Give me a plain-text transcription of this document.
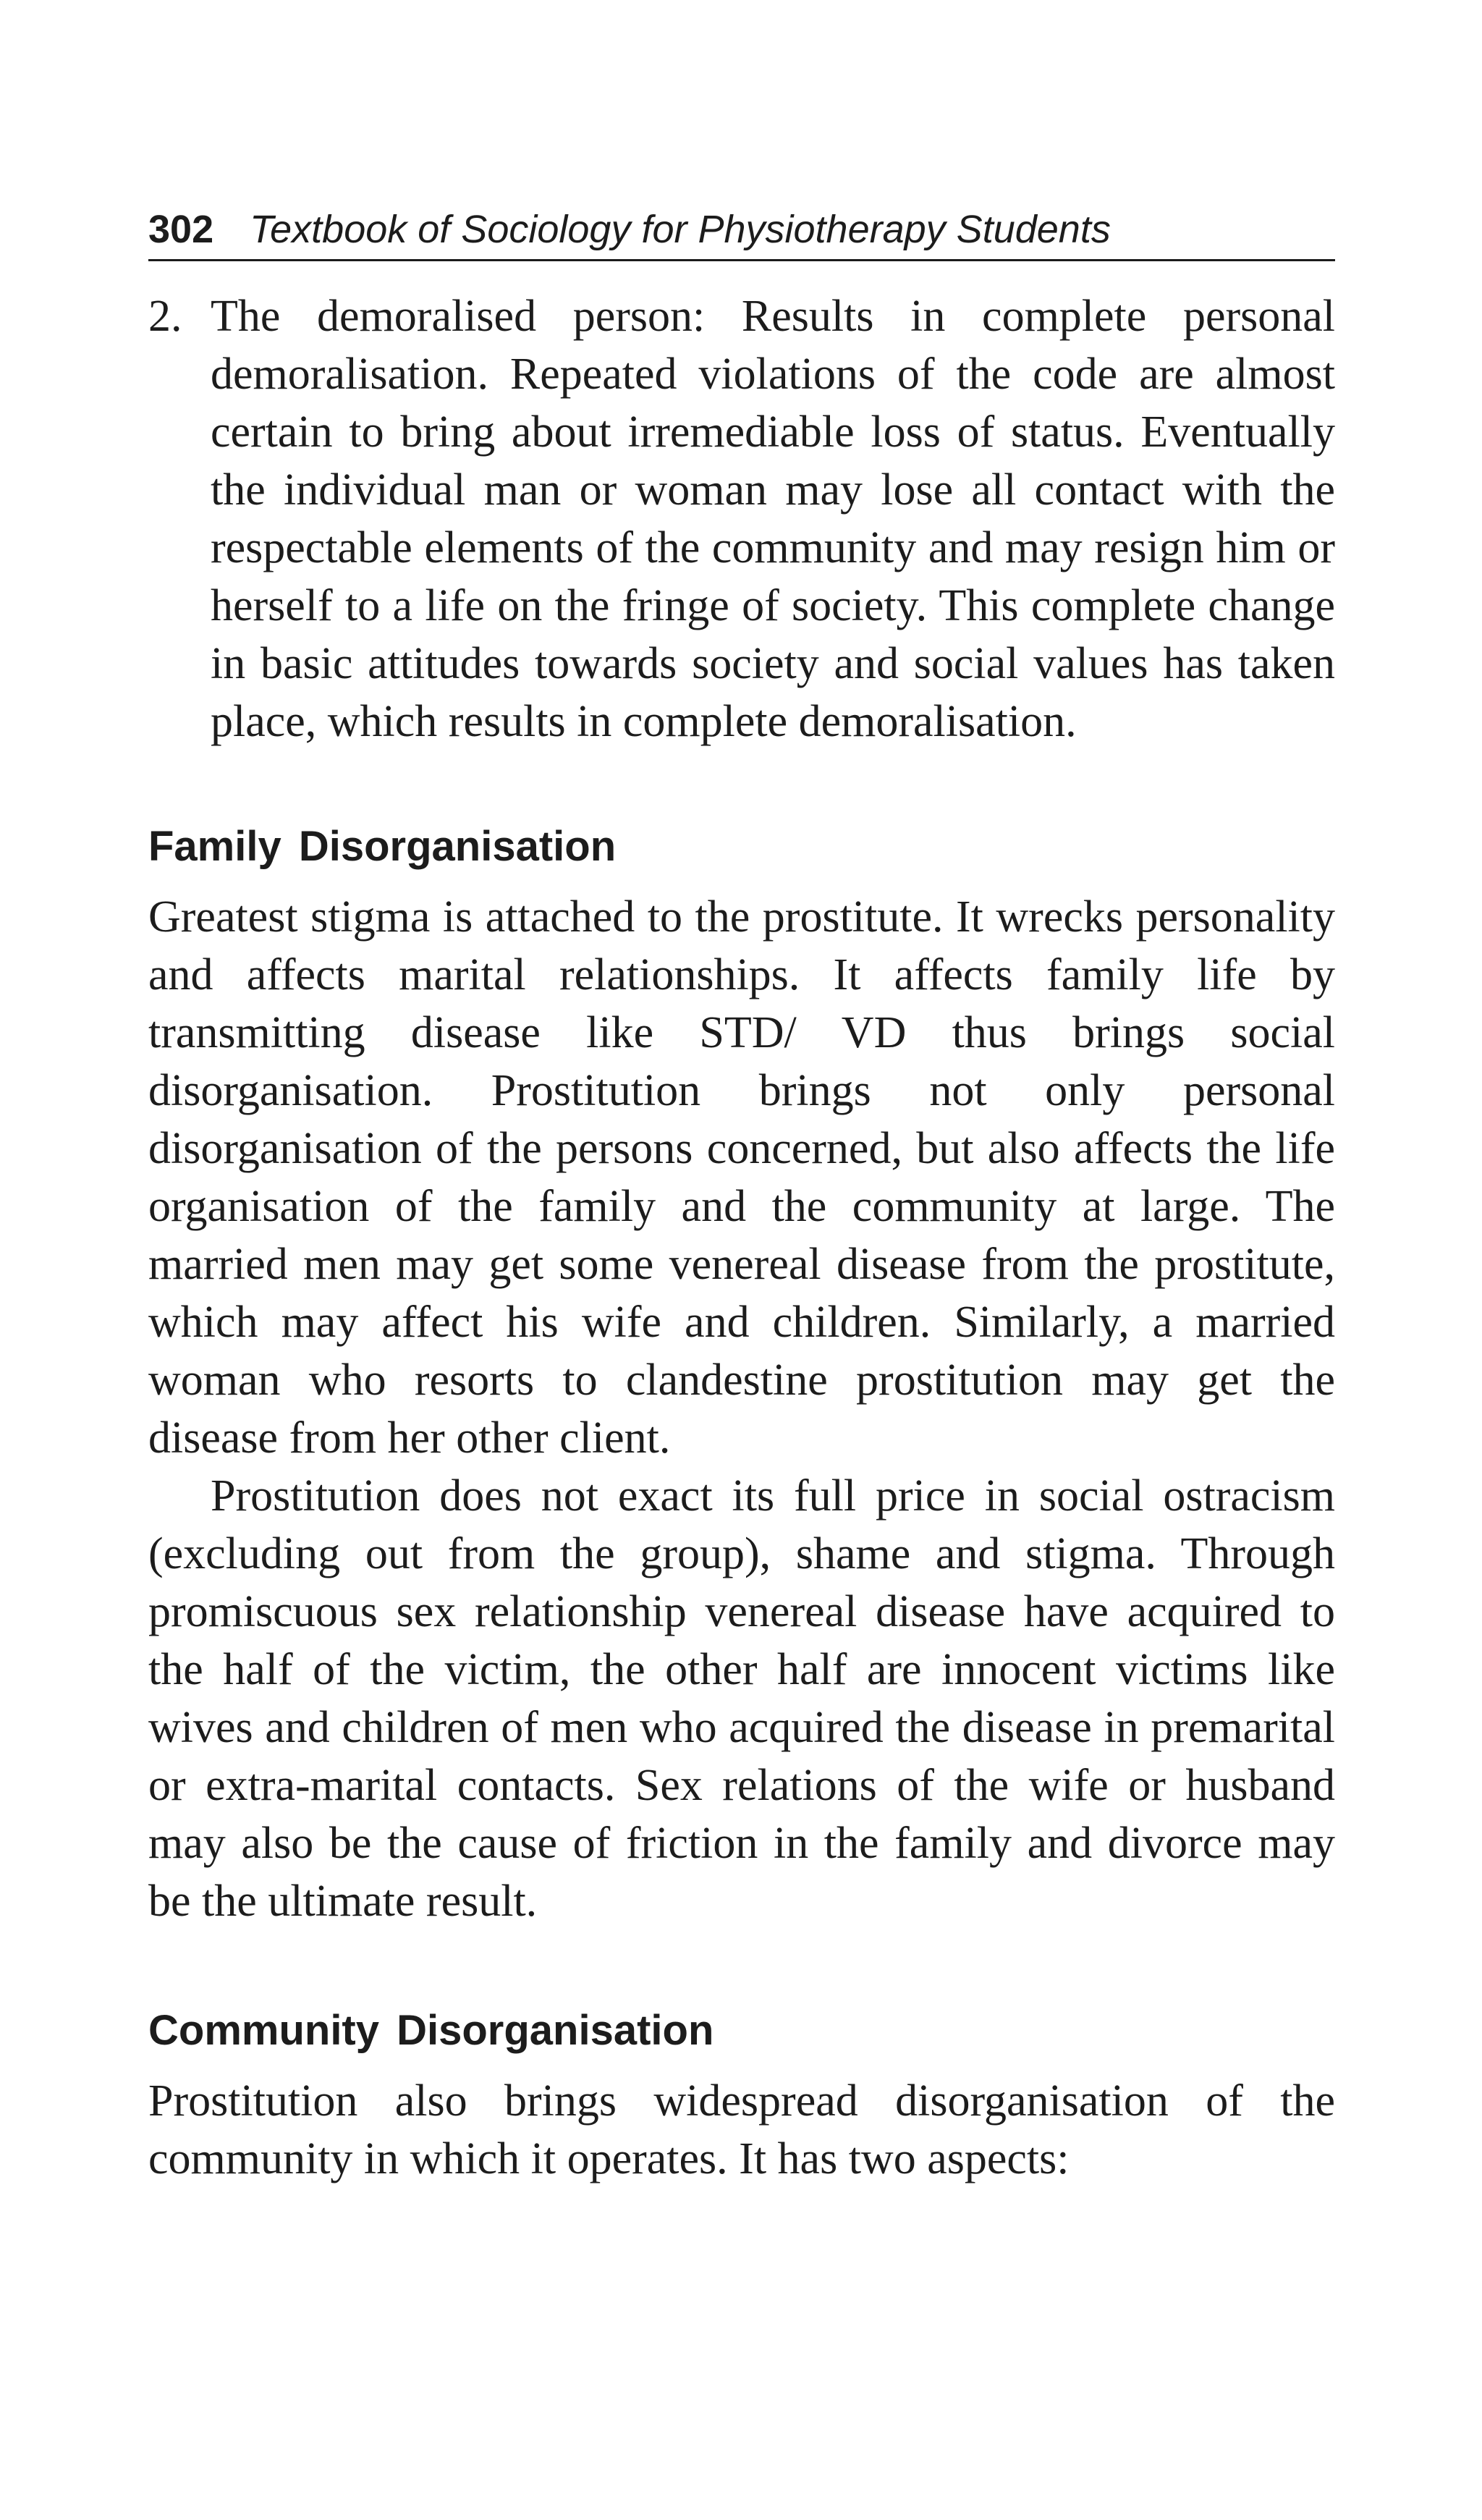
302 Textbook of Sociology for Physiotherapy Students
2. The demoralised person: Results in complete personal demoralisation. Repeated violations of the code are almost certain to bring about irremediable loss of status. Eventually the individual man or woman may lose all contact with the respectable elements of the community and may resign him or herself to a life on the fringe of society. This complete change in basic attitudes towards society and social values has taken place, which results in complete demoralisation.
Family Disorganisation

Greatest stigma is attached to the prostitute. It wrecks personality and affects marital relationships. It affects family life by transmitting disease like STD/ VD thus brings social disorganisation. Prostitution brings not only personal disorganisation of the persons concerned, but also affects the life organisation of the family and the community at large. The married men may get some venereal disease from the prostitute, which may affect his wife and children. Similarly, a married woman who resorts to clandestine prostitution may get the disease from her other client.

Prostitution does not exact its full price in social ostracism (excluding out from the group), shame and stigma. Through promiscuous sex relationship venereal disease have acquired to the half of the victim, the other half are innocent victims like wives and children of men who acquired the disease in premarital or extra-marital contacts. Sex relations of the wife or husband may also be the cause of friction in the family and divorce may be the ultimate result.

Community Disorganisation

Prostitution also brings widespread disorganisation of the community in which it operates. It has two aspects:
